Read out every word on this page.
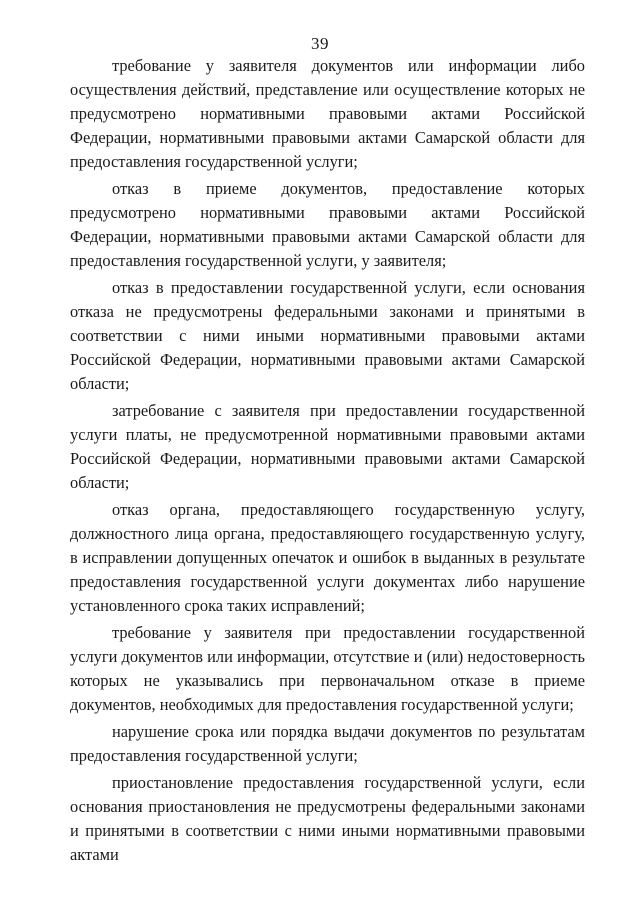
39

требование у заявителя документов или информации либо осуществления действий, представление или осуществление которых не предусмотрено нормативными правовыми актами Российской Федерации, нормативными правовыми актами Самарской области для предоставления государственной услуги;

отказ в приеме документов, предоставление которых предусмотрено нормативными правовыми актами Российской Федерации, нормативными правовыми актами Самарской области для предоставления государственной услуги, у заявителя;

отказ в предоставлении государственной услуги, если основания отказа не предусмотрены федеральными законами и принятыми в соответствии с ними иными нормативными правовыми актами Российской Федерации, нормативными правовыми актами Самарской области;

затребование с заявителя при предоставлении государственной услуги платы, не предусмотренной нормативными правовыми актами Российской Федерации, нормативными правовыми актами Самарской области;

отказ органа, предоставляющего государственную услугу, должностного лица органа, предоставляющего государственную услугу, в исправлении допущенных опечаток и ошибок в выданных в результате предоставления государственной услуги документах либо нарушение установленного срока таких исправлений;

требование у заявителя при предоставлении государственной услуги документов или информации, отсутствие и (или) недостоверность которых не указывались при первоначальном отказе в приеме документов, необходимых для предоставления государственной услуги;

нарушение срока или порядка выдачи документов по результатам предоставления государственной услуги;

приостановление предоставления государственной услуги, если основания приостановления не предусмотрены федеральными законами и принятыми в соответствии с ними иными нормативными правовыми актами
